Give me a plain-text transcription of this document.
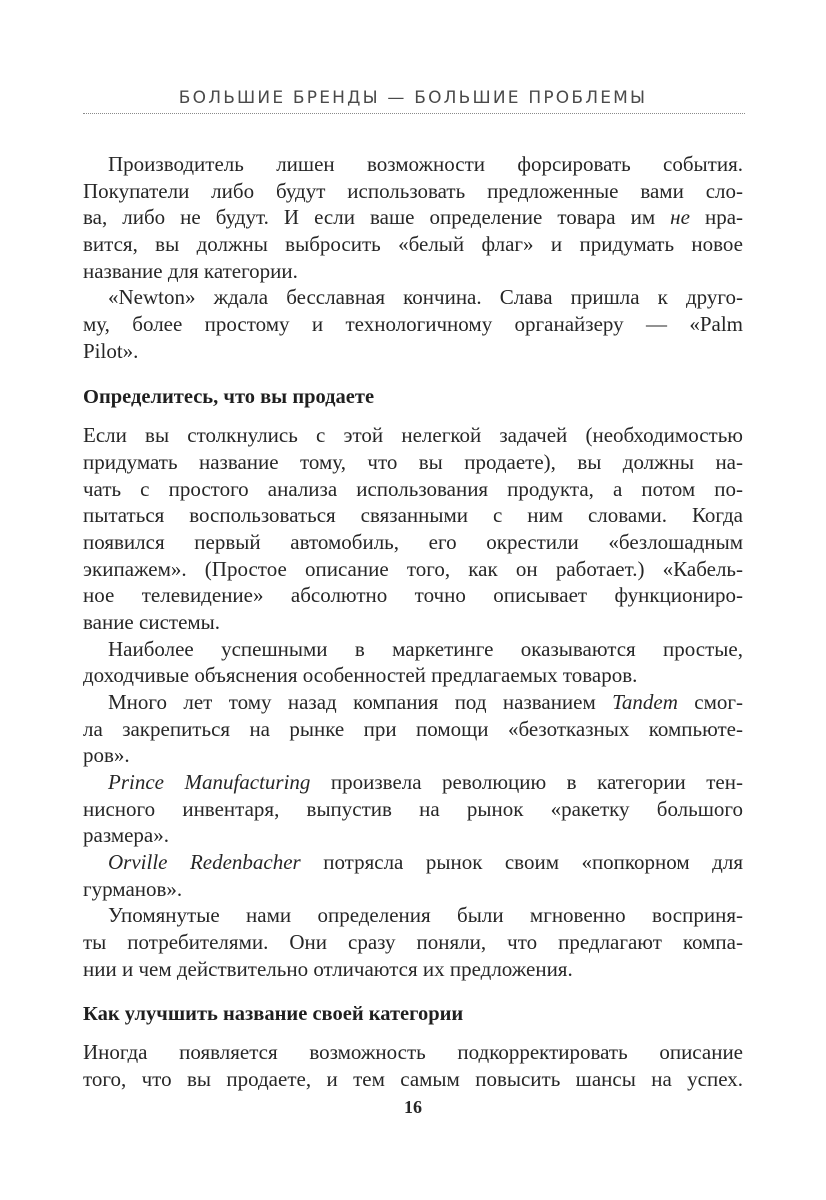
БОЛЬШИЕ БРЕНДЫ — БОЛЬШИЕ ПРОБЛЕМЫ
Производитель лишен возможности форсировать события.
Покупатели либо будут использовать предложенные вами сло-
ва, либо не будут. И если ваше определение товара им не нра-
вится, вы должны выбросить «белый флаг» и придумать новое
название для категории.
«Newton» ждала бесславная кончина. Слава пришла к друго-
му, более простому и технологичному органайзеру — «Palm
Pilot».
Определитесь, что вы продаете
Если вы столкнулись с этой нелегкой задачей (необходимостью
придумать название тому, что вы продаете), вы должны на-
чать с простого анализа использования продукта, а потом по-
пытаться воспользоваться связанными с ним словами. Когда
появился первый автомобиль, его окрестили «безлошадным
экипажем». (Простое описание того, как он работает.) «Кабель-
ное телевидение» абсолютно точно описывает функциониро-
вание системы.
Наиболее успешными в маркетинге оказываются простые,
доходчивые объяснения особенностей предлагаемых товаров.
Много лет тому назад компания под названием Tandem смог-
ла закрепиться на рынке при помощи «безотказных компьюте-
ров».
Prince Manufacturing произвела революцию в категории тен-
нисного инвентаря, выпустив на рынок «ракетку большого
размера».
Orville Redenbacher потрясла рынок своим «попкорном для
гурманов».
Упомянутые нами определения были мгновенно восприня-
ты потребителями. Они сразу поняли, что предлагают компа-
нии и чем действительно отличаются их предложения.
Как улучшить название своей категории
Иногда появляется возможность подкорректировать описание
того, что вы продаете, и тем самым повысить шансы на успех.
16
